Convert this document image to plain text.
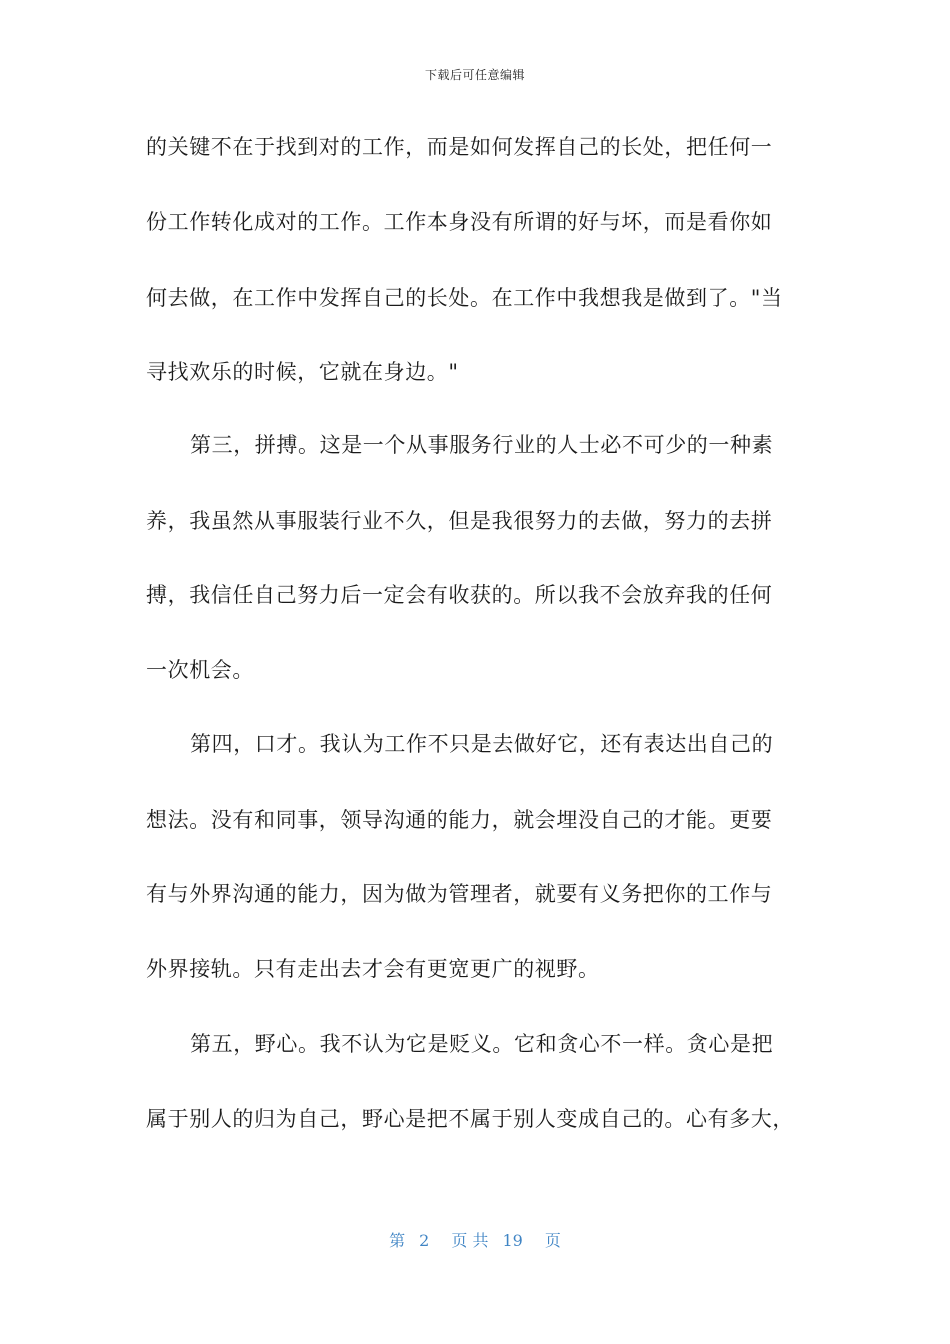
下载后可任意编辑
的关键不在于找到对的工作，而是如何发挥自己的长处，把任何一
份工作转化成对的工作。工作本身没有所谓的好与坏，而是看你如
何去做，在工作中发挥自己的长处。在工作中我想我是做到了。"当
寻找欢乐的时候，它就在身边。"
第三，拼搏。这是一个从事服务行业的人士必不可少的一种素
养，我虽然从事服装行业不久，但是我很努力的去做，努力的去拼
搏，我信任自己努力后一定会有收获的。所以我不会放弃我的任何
一次机会。
第四，口才。我认为工作不只是去做好它，还有表达出自己的
想法。没有和同事，领导沟通的能力，就会埋没自己的才能。更要
有与外界沟通的能力，因为做为管理者，就要有义务把你的工作与
外界接轨。只有走出去才会有更宽更广的视野。
第五，野心。我不认为它是贬义。它和贪心不一样。贪心是把
属于别人的归为自己，野心是把不属于别人变成自己的。心有多大，
第 2 页 共 19 页
